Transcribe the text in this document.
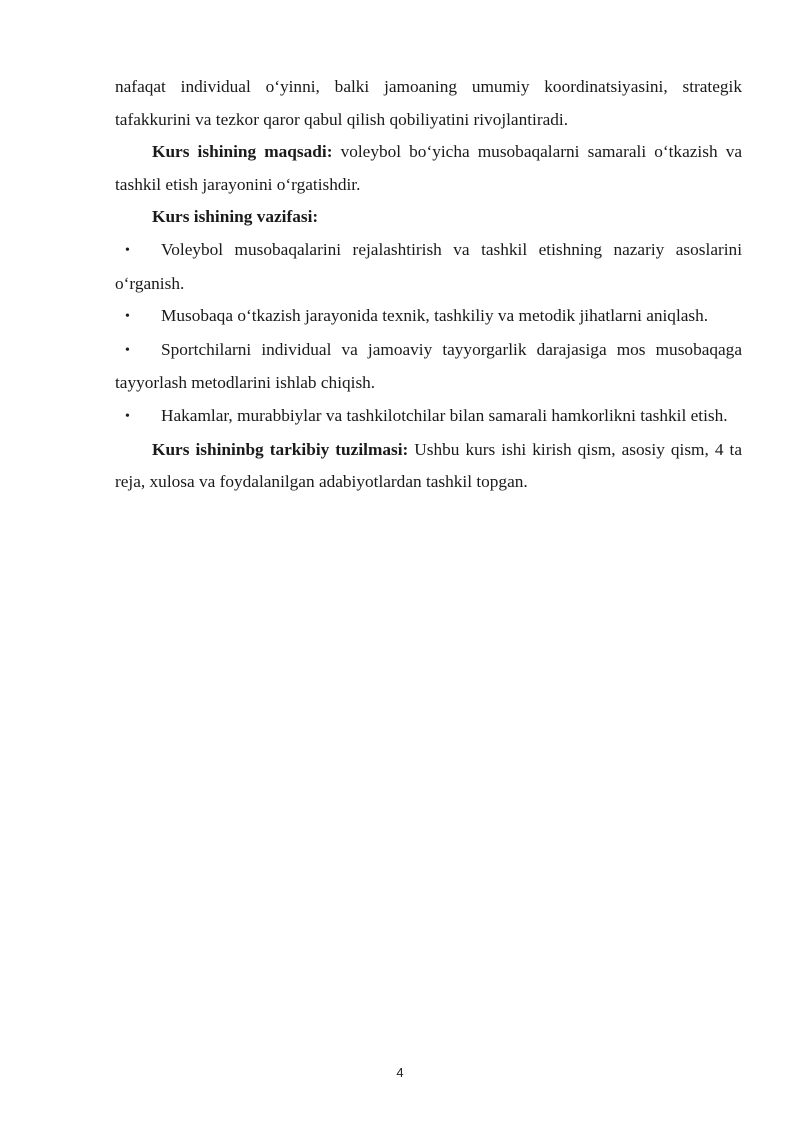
nafaqat individual o‘yinni, balki jamoaning umumiy koordinatsiyasini, strategik tafakkurini va tezkor qaror qabul qilish qobiliyatini rivojlantiradi.

Kurs ishining maqsadi: voleybol bo‘yicha musobaqalarni samarali o‘tkazish va tashkil etish jarayonini o‘rgatishdir.

Kurs ishining vazifasi:

• Voleybol musobaqalarini rejalashtirish va tashkil etishning nazariy asoslarini o‘rganish.

• Musobaqa o‘tkazish jarayonida texnik, tashkiliy va metodik jihatlarni aniqlash.

• Sportchilarni individual va jamoaviy tayyorgarlik darajasiga mos musobaqaga tayyorlash metodlarini ishlab chiqish.

• Hakamlar, murabbiylar va tashkilotchilar bilan samarali hamkorlikni tashkil etish.

Kurs ishininbg tarkibiy tuzilmasi: Ushbu kurs ishi kirish qism, asosiy qism, 4 ta reja, xulosa va foydalanilgan adabiyotlardan tashkil topgan.

4
